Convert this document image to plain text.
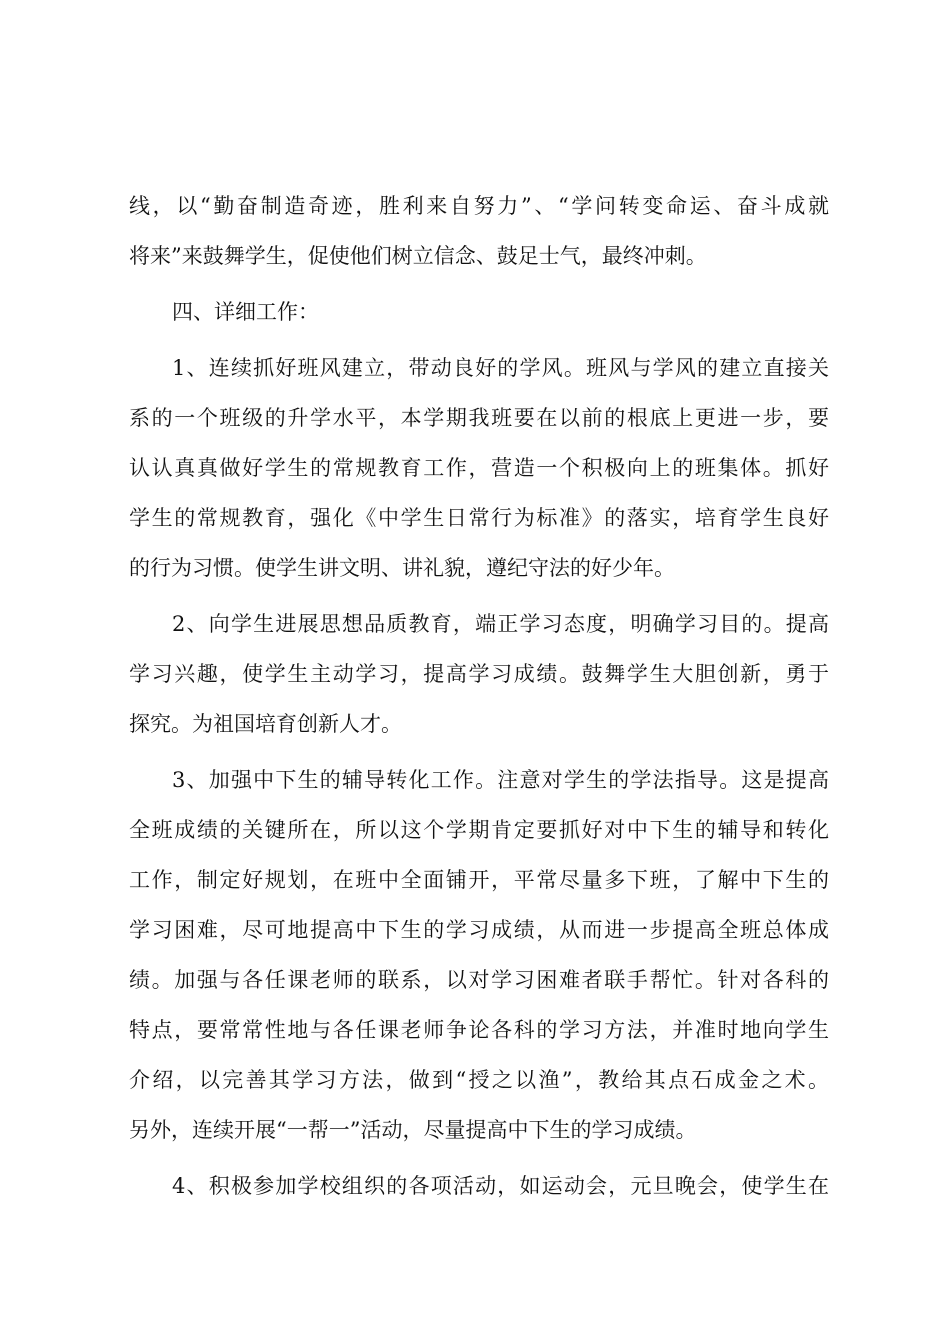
线，以“勤奋制造奇迹，胜利来自努力”、“学问转变命运、奋斗成就
将来”来鼓舞学生，促使他们树立信念、鼓足士气，最终冲刺。
四、详细工作：
1、连续抓好班风建立，带动良好的学风。班风与学风的建立直接关
系的一个班级的升学水平，本学期我班要在以前的根底上更进一步，要
认认真真做好学生的常规教育工作，营造一个积极向上的班集体。抓好
学生的常规教育，强化《中学生日常行为标准》的落实，培育学生良好
的行为习惯。使学生讲文明、讲礼貌，遵纪守法的好少年。
2、向学生进展思想品质教育，端正学习态度，明确学习目的。提高
学习兴趣，使学生主动学习，提高学习成绩。鼓舞学生大胆创新，勇于
探究。为祖国培育创新人才。
3、加强中下生的辅导转化工作。注意对学生的学法指导。这是提高
全班成绩的关键所在，所以这个学期肯定要抓好对中下生的辅导和转化
工作，制定好规划，在班中全面铺开，平常尽量多下班，了解中下生的
学习困难，尽可地提高中下生的学习成绩，从而进一步提高全班总体成
绩。加强与各任课老师的联系，以对学习困难者联手帮忙。针对各科的
特点，要常常性地与各任课老师争论各科的学习方法，并准时地向学生
介绍，以完善其学习方法，做到“授之以渔”，教给其点石成金之术。
另外，连续开展“一帮一”活动，尽量提高中下生的学习成绩。
4、积极参加学校组织的各项活动，如运动会，元旦晚会，使学生在
